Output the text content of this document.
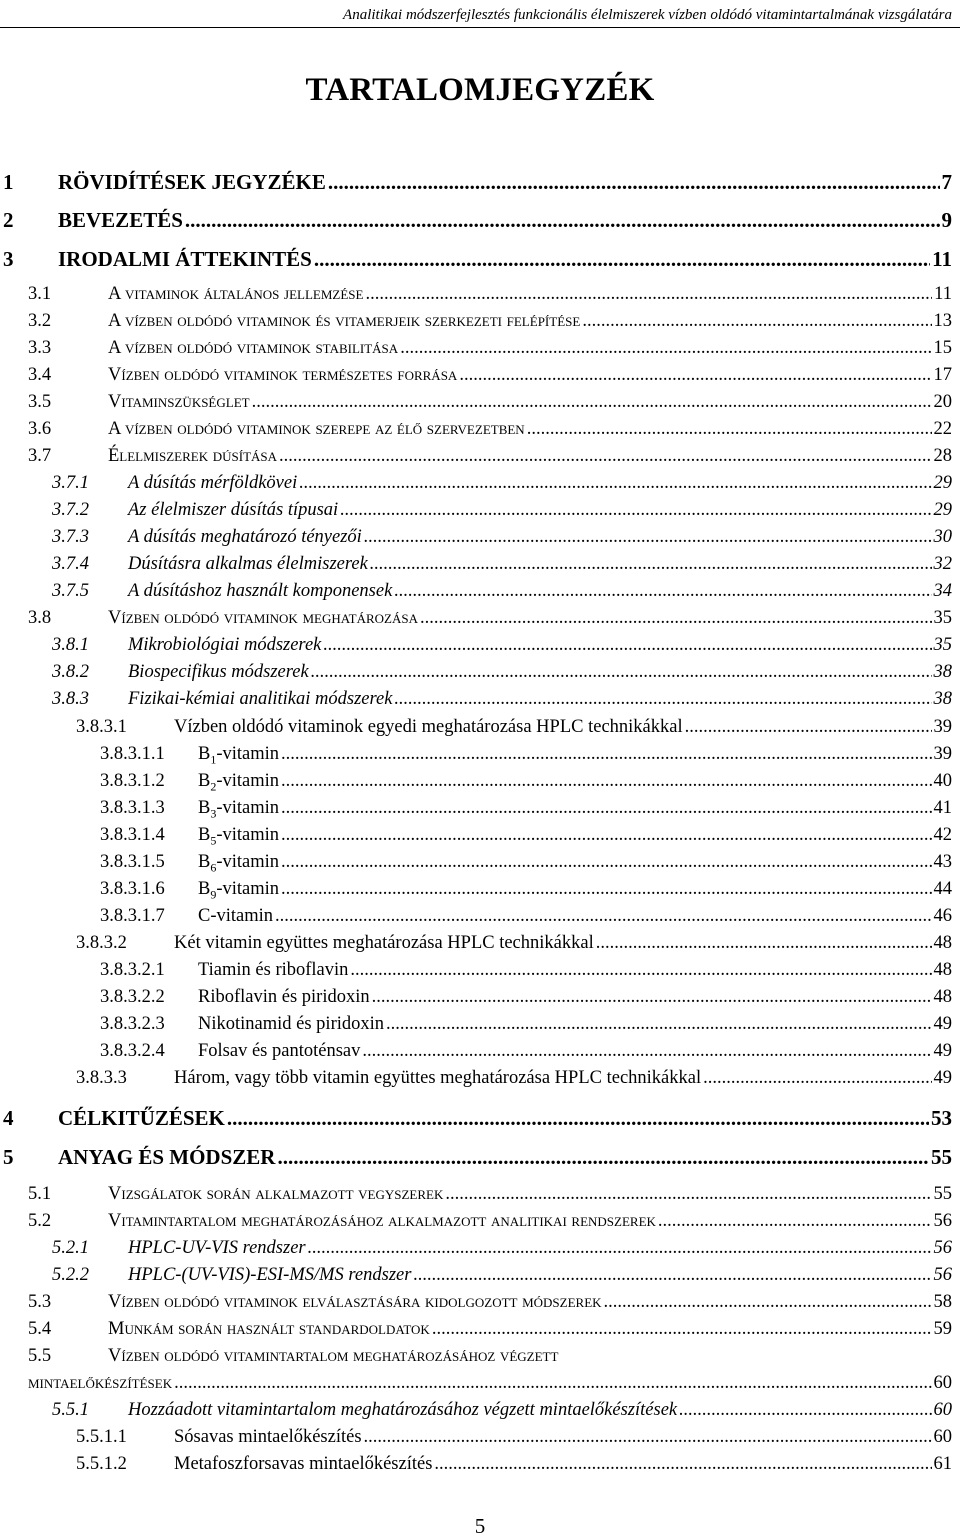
Analitikai módszerfejlesztés funkcionális élelmiszerek vízben oldódó vitamintartalmának vizsgálatára
TARTALOMJEGYZÉK
1	RÖVIDÍTÉSEK JEGYZÉKE .....	7
2	BEVEZETÉS .....	9
3	IRODALMI ÁTTEKINTÉS .....	11
3.1	A vitaminok általános jellemzése .....	11
3.2	A vízben oldódó vitaminok és vitamerjeik szerkezeti felépítése .....	13
3.3	A vízben oldódó vitaminok stabilitása .....	15
3.4	Vízben oldódó vitaminok természetes forrása .....	17
3.5	Vitaminszükséglet .....	20
3.6	A vízben oldódó vitaminok szerepe az élő szervezetben .....	22
3.7	Élelmiszerek dúsítása .....	28
3.7.1	A dúsítás mérföldkövei .....	29
3.7.2	Az élelmiszer dúsítás típusai .....	29
3.7.3	A dúsítás meghatározó tényezői .....	30
3.7.4	Dúsításra alkalmas élelmiszerek .....	32
3.7.5	A dúsításhoz használt komponensek .....	34
3.8	Vízben oldódó vitaminok meghatározása .....	35
3.8.1	Mikrobiológiai módszerek .....	35
3.8.2	Biospecifikus módszerek .....	38
3.8.3	Fizikai-kémiai analitikai módszerek .....	38
3.8.3.1	Vízben oldódó vitaminok egyedi meghatározása HPLC technikákkal .....	39
3.8.3.1.1	$B_1$-vitamin .....	39
3.8.3.1.2	$B_2$-vitamin .....	40
3.8.3.1.3	$B_3$-vitamin .....	41
3.8.3.1.4	$B_5$-vitamin .....	42
3.8.3.1.5	$B_6$-vitamin .....	43
3.8.3.1.6	$B_9$-vitamin .....	44
3.8.3.1.7	C-vitamin .....	46
3.8.3.2	Két vitamin együttes meghatározása HPLC technikákkal .....	48
3.8.3.2.1	Tiamin és riboflavin .....	48
3.8.3.2.2	Riboflavin és piridoxin .....	48
3.8.3.2.3	Nikotinamid és piridoxin .....	49
3.8.3.2.4	Folsav és pantoténsav .....	49
3.8.3.3	Három, vagy több vitamin együttes meghatározása HPLC technikákkal .....	49
4	CÉLKITŰZÉSEK .....	53
5	ANYAG ÉS MÓDSZER .....	55
5.1	Vizsgálatok során alkalmazott vegyszerek .....	55
5.2	Vitamintartalom meghatározásához alkalmazott analitikai rendszerek .....	56
5.2.1	HPLC-UV-VIS rendszer .....	56
5.2.2	HPLC-(UV-VIS)-ESI-MS/MS rendszer .....	56
5.3	Vízben oldódó vitaminok elválasztására kidolgozott módszerek .....	58
5.4	Munkám során használt standardoldatok .....	59
5.5	Vízben oldódó vitamintartalom meghatározásához végzett
mintaelőkészítések .....	60
5.5.1	Hozzáadott vitamintartalom meghatározásához végzett mintaelőkészítések .....	60
5.5.1.1	Sósavas mintaelőkészítés .....	60
5.5.1.2	Metafoszforsavas mintaelőkészítés .....	61
5
